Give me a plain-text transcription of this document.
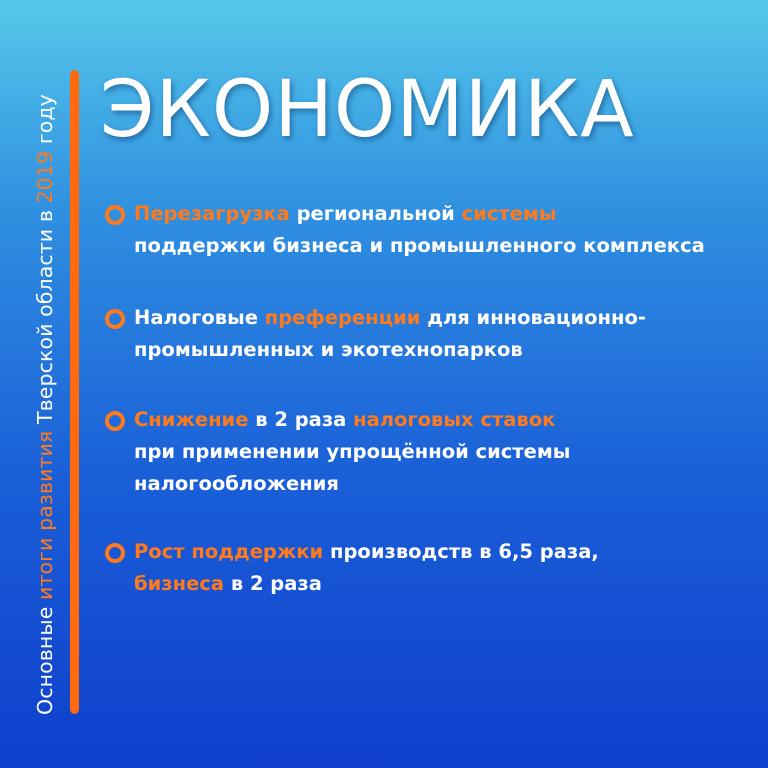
Основные итоги развития Тверской области в 2019 году ЭКОНОМИКА
Перезагрузка региональной системы
поддержки бизнеса и промышленного комплекса
Налоговые преференции для инновационно-
промышленных и экотехнопарков
Снижение в 2 раза налоговых ставок
при применении упрощённой системы
налогообложения
Рост поддержки производств в 6,5 раза,
бизнеса в 2 раза
